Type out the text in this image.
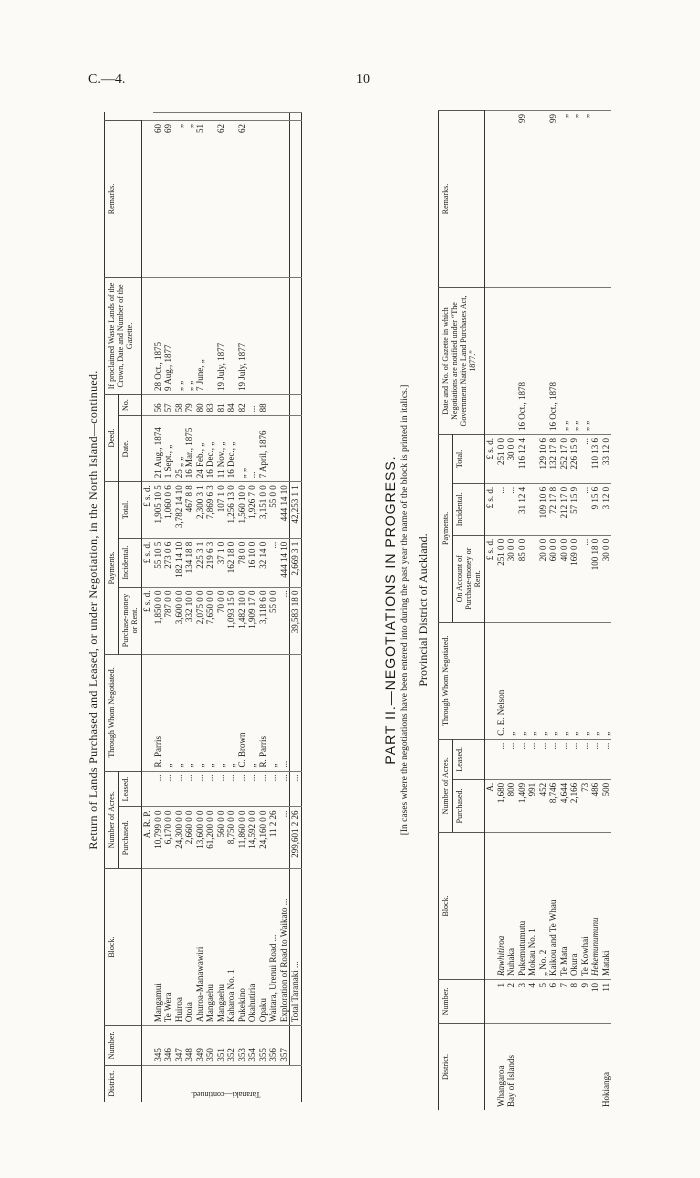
C.—4.	10
Return of Lands Purchased and Leased, or under Negotiation, in the North Island—continued.
District.	Number.	Block.	Number of Acres.		Through Whom Negotiated.	Payments.			Deed.		If proclaimed Waste Lands of the Crown, Date and Number of the Gazette.	Remarks.	
			Purchased.	Leased.		Purchase-money or Rent.	Incidental.	Total.	Date.	No.			
			A. R. P.			£ s. d.	£ s. d.	£ s. d.					
Taranaki—continued.	345	Mangamui	10,799 0 0	...	R. Parris	1,850 0 0	55 10 5	1,905 10 5	21 Aug., 1874	56	28 Oct., 1875	60	
	346	Te Wera	6,170 0 0	...	„	787 0 0	273 0 6	1,060 0 6	1 Sept., „	57	9 Aug., 1877	69	
	347	Huiroa	24,300 0 0	...	„	3,600 0 0	182 14 10	3,782 14 10	25 „ „	58	„ „	„	
	348	Otoia	2,660 0 0	...	„	332 10 0	134 18 8	467 8 8	16 Mar., 1875	79	„ „	„	
	349	Ahuroa-Manawawiri	13,600 0 0	...	„	2,075 0 0	225 3 1	2,300 3 1	24 Feb., „	80	7 June, „	51	
	350	Mangaehu	61,200 0 0	...	„	7,650 0 0	219 6 3	7,869 6 3	16 Dec., „	83			
	351	Mangaehu	560 0 0	...	„	70 0 0	37 1 0	107 1 0	11 Nov., „	81	19 July, 1877	62	
	352	Kaharoa No. 1	8,750 0 0	...	„	1,093 15 0	162 18 0	1,256 13 0	16 Dec., „	84			
	353	Pukekino	11,860 0 0	...	C. Brown	1,482 10 0	78 0 0	1,560 10 0	„ „	82	19 July, 1877	62	
	354	Okahutiria	14,592 0 0	...	„	1,909 17 0	16 10 0	1,926 7 0	...	...			
	355	Opaku	24,160 0 0	...	R. Parris	3,118 6 0	32 14 0	3,151 0 0	7 April, 1876	88			
	356	Waitara, Urenui Road ...	11 2 26	...	„	55 0 0	...	55 0 0					
	357	Exploration of Road to Waikato ...	...	...	...	...	444 14 10	444 14 10					
		Total Taranaki ...	299,601 2 26	...		39,583 18 0	2,669 3 1	42,253 1 1						PART II.—NEGOTIATIONS IN PROGRESS. [In cases where the negotiations have been entered into during the past year the name of the block is printed in italics.] Provincial District of Auckland.
District.	Number.	Block.	Number of Acres.		Through Whom Negotiated.	Payments.			Date and No. of Gazette in which Negotiations are notified under “The Government Native Land Purchases Act, 1877.”	Remarks.
			Purchased.	Leased.		On Account of Purchase-money or Rent.	Incidental.	Total.		
			A.			£ s. d.	£ s. d.	£ s. d.		
Whangaroa	1	Rawhitiroa	1,680	...	C. E. Nelson	251 0 0	...	251 0 0		
Bay of Islands	2	Nuhaka	800	...	„	30 0 0	...	30 0 0		
	3	Pukemutumutu	1,409	...	„	85 0 0	31 12 4	116 12 4	16 Oct., 1878	99
	4	Mokau No. 1	991	...	„					
	5	„ No. 2	452	...	„	20 0 0	109 10 6	129 10 6		
	6	Kaikou and Te Whau	8,746	...	„	60 0 0	72 17 8	132 17 8	16 Oct., 1878	99
	7	Te Mata	4,644	...	„	40 0 0	212 17 0	252 17 0	„ „	„
	8	Okura	2,166	...	„	169 0 0	57 15 9	226 15 9	„ „	„
	9	Te Kowhai	73	...	„	...	...	...	„ „	„
	10	Hekemunumunu	486	...	„	100 18 0	9 15 6	110 13 6		
Hokianga	11	Mataki	500	...	„	30 0 0	3 12 0	33 12 0		
